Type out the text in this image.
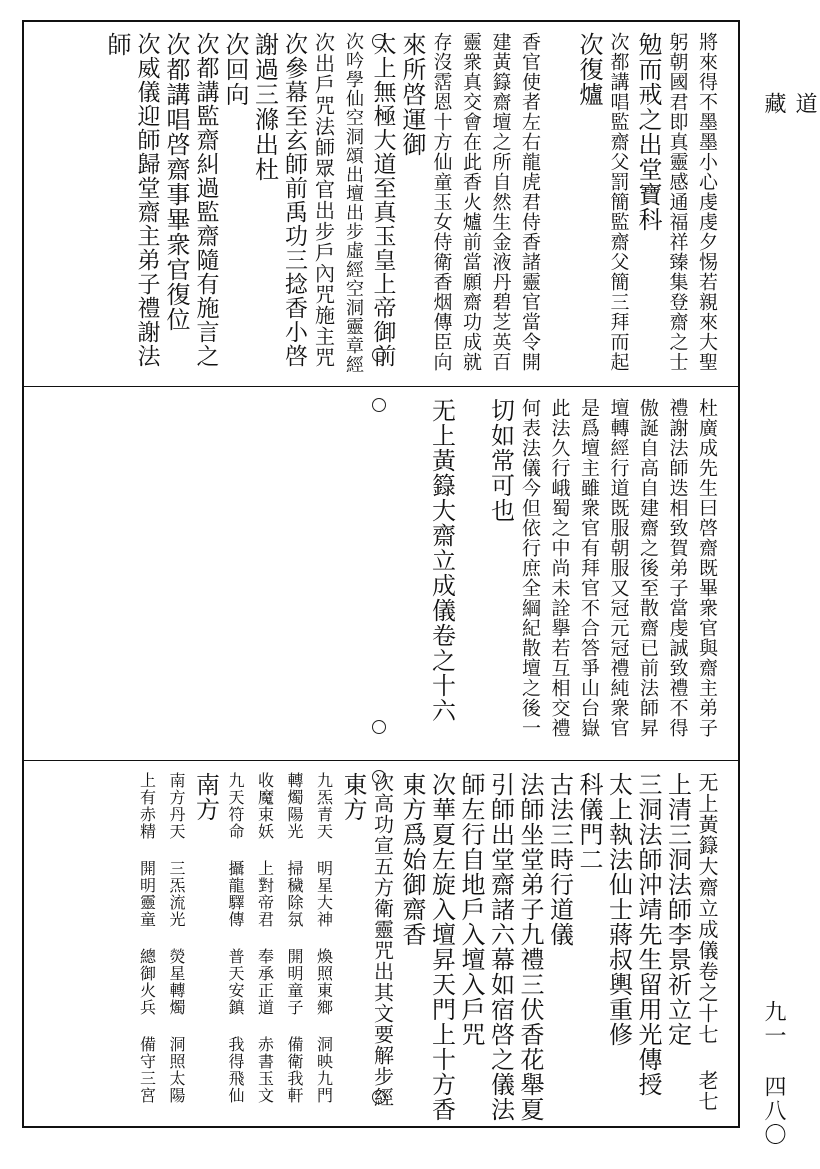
將來得不墨墨小心虔虔夕惕若親來大聖
躬朝國君即真靈感通福祥臻集登齋之士
勉而戒之出堂寶科
次都講唱監齋父罰簡監齋父簡三拜而起
次復爐
香官使者左右龍虎君侍香諸靈官當令開
建黃籙齋壇之所自然生金液丹碧芝英百
靈衆真交會在此香火爐前當願齋功成就
存沒霑恩十方仙童玉女侍衛香烟傳臣向
來所啓運御
太上無極大道至真玉皇上帝御前
次吟學仙空洞頌出壇出步虛經空洞靈章經
次出戶咒法師眾官出步戶內咒施主咒
次參幕至玄師前禹功三捻香小啓
謝過三滌出杜
次回向
次都講監齋糾過監齋隨有施言之
次都講唱啓齋事畢衆官復位
次威儀迎師歸堂齋主弟子禮謝法
師
杜廣成先生曰啓齋既畢衆官與齋主弟子
禮謝法師迭相致賀弟子當虔誠致禮不得
傲誕自高自建齋之後至散齋已前法師昇
壇轉經行道既服朝服又冠元冠禮純衆官
是爲壇主雖衆官有拜官不合答爭山台嶽
此法久行峨蜀之中尚未詮擧若互相交禮
何表法儀今但依行庶全綱紀散壇之後一
切如常可也
无上黃籙大齋立成儀卷之十六
无上黃籙大齋立成儀卷之十七 老七
上清三洞法師李景祈立定
三洞法師沖靖先生留用光傳授
太上執法仙士蔣叔輿重修
科儀門二
古法三時行道儀
法師坐堂弟子九禮三伏香花舉夏
引師出堂齋諸六幕如宿啓之儀法
師左行自地戶入壇入戶咒
次華夏左旋入壇昇天門上十方香
東方爲始御齋香
次高功宣五方衛靈咒出其文要解步經
東方
九炁青天 明星大神 煥照東鄉 洞映九門
轉燭陽光 掃穢除氛 開明童子 備衛我軒
收魔束妖 上對帝君 奉承正道 赤書玉文
九天符命 攝龍驛傳 普天安鎮 我得飛仙
南方
南方丹天 三炁流光 熒星轉燭 洞照太陽
上有赤精 開明靈童 總御火兵 備守三宮
道 藏
九一 四八〇
